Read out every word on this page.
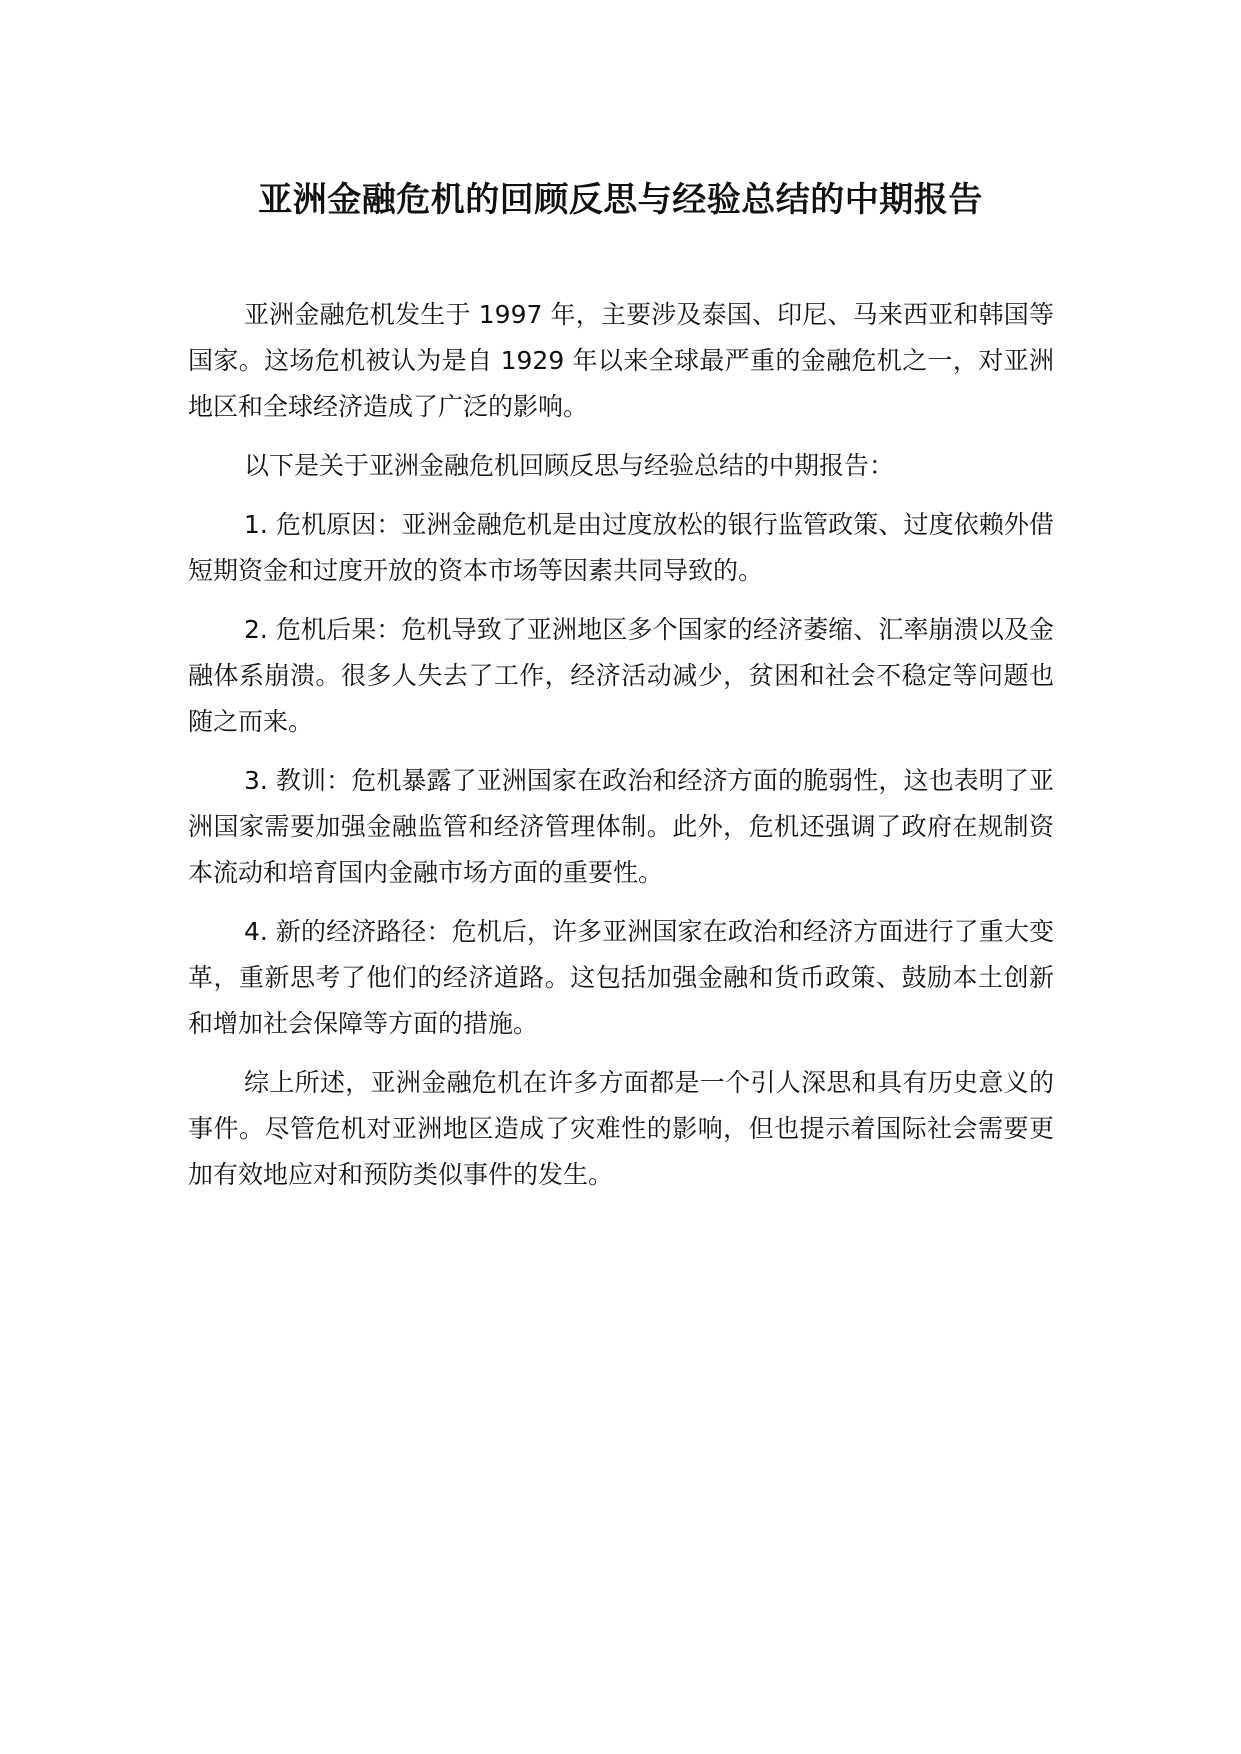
亚洲金融危机的回顾反思与经验总结的中期报告

亚洲金融危机发生于 1997 年，主要涉及泰国、印尼、马来西亚和韩国等国家。这场危机被认为是自 1929 年以来全球最严重的金融危机之一，对亚洲地区和全球经济造成了广泛的影响。

以下是关于亚洲金融危机回顾反思与经验总结的中期报告：

1. 危机原因：亚洲金融危机是由过度放松的银行监管政策、过度依赖外借短期资金和过度开放的资本市场等因素共同导致的。

2. 危机后果：危机导致了亚洲地区多个国家的经济萎缩、汇率崩溃以及金融体系崩溃。很多人失去了工作，经济活动减少，贫困和社会不稳定等问题也随之而来。

3. 教训：危机暴露了亚洲国家在政治和经济方面的脆弱性，这也表明了亚洲国家需要加强金融监管和经济管理体制。此外，危机还强调了政府在规制资本流动和培育国内金融市场方面的重要性。

4. 新的经济路径：危机后，许多亚洲国家在政治和经济方面进行了重大变革，重新思考了他们的经济道路。这包括加强金融和货币政策、鼓励本土创新和增加社会保障等方面的措施。

综上所述，亚洲金融危机在许多方面都是一个引人深思和具有历史意义的事件。尽管危机对亚洲地区造成了灾难性的影响，但也提示着国际社会需要更加有效地应对和预防类似事件的发生。
